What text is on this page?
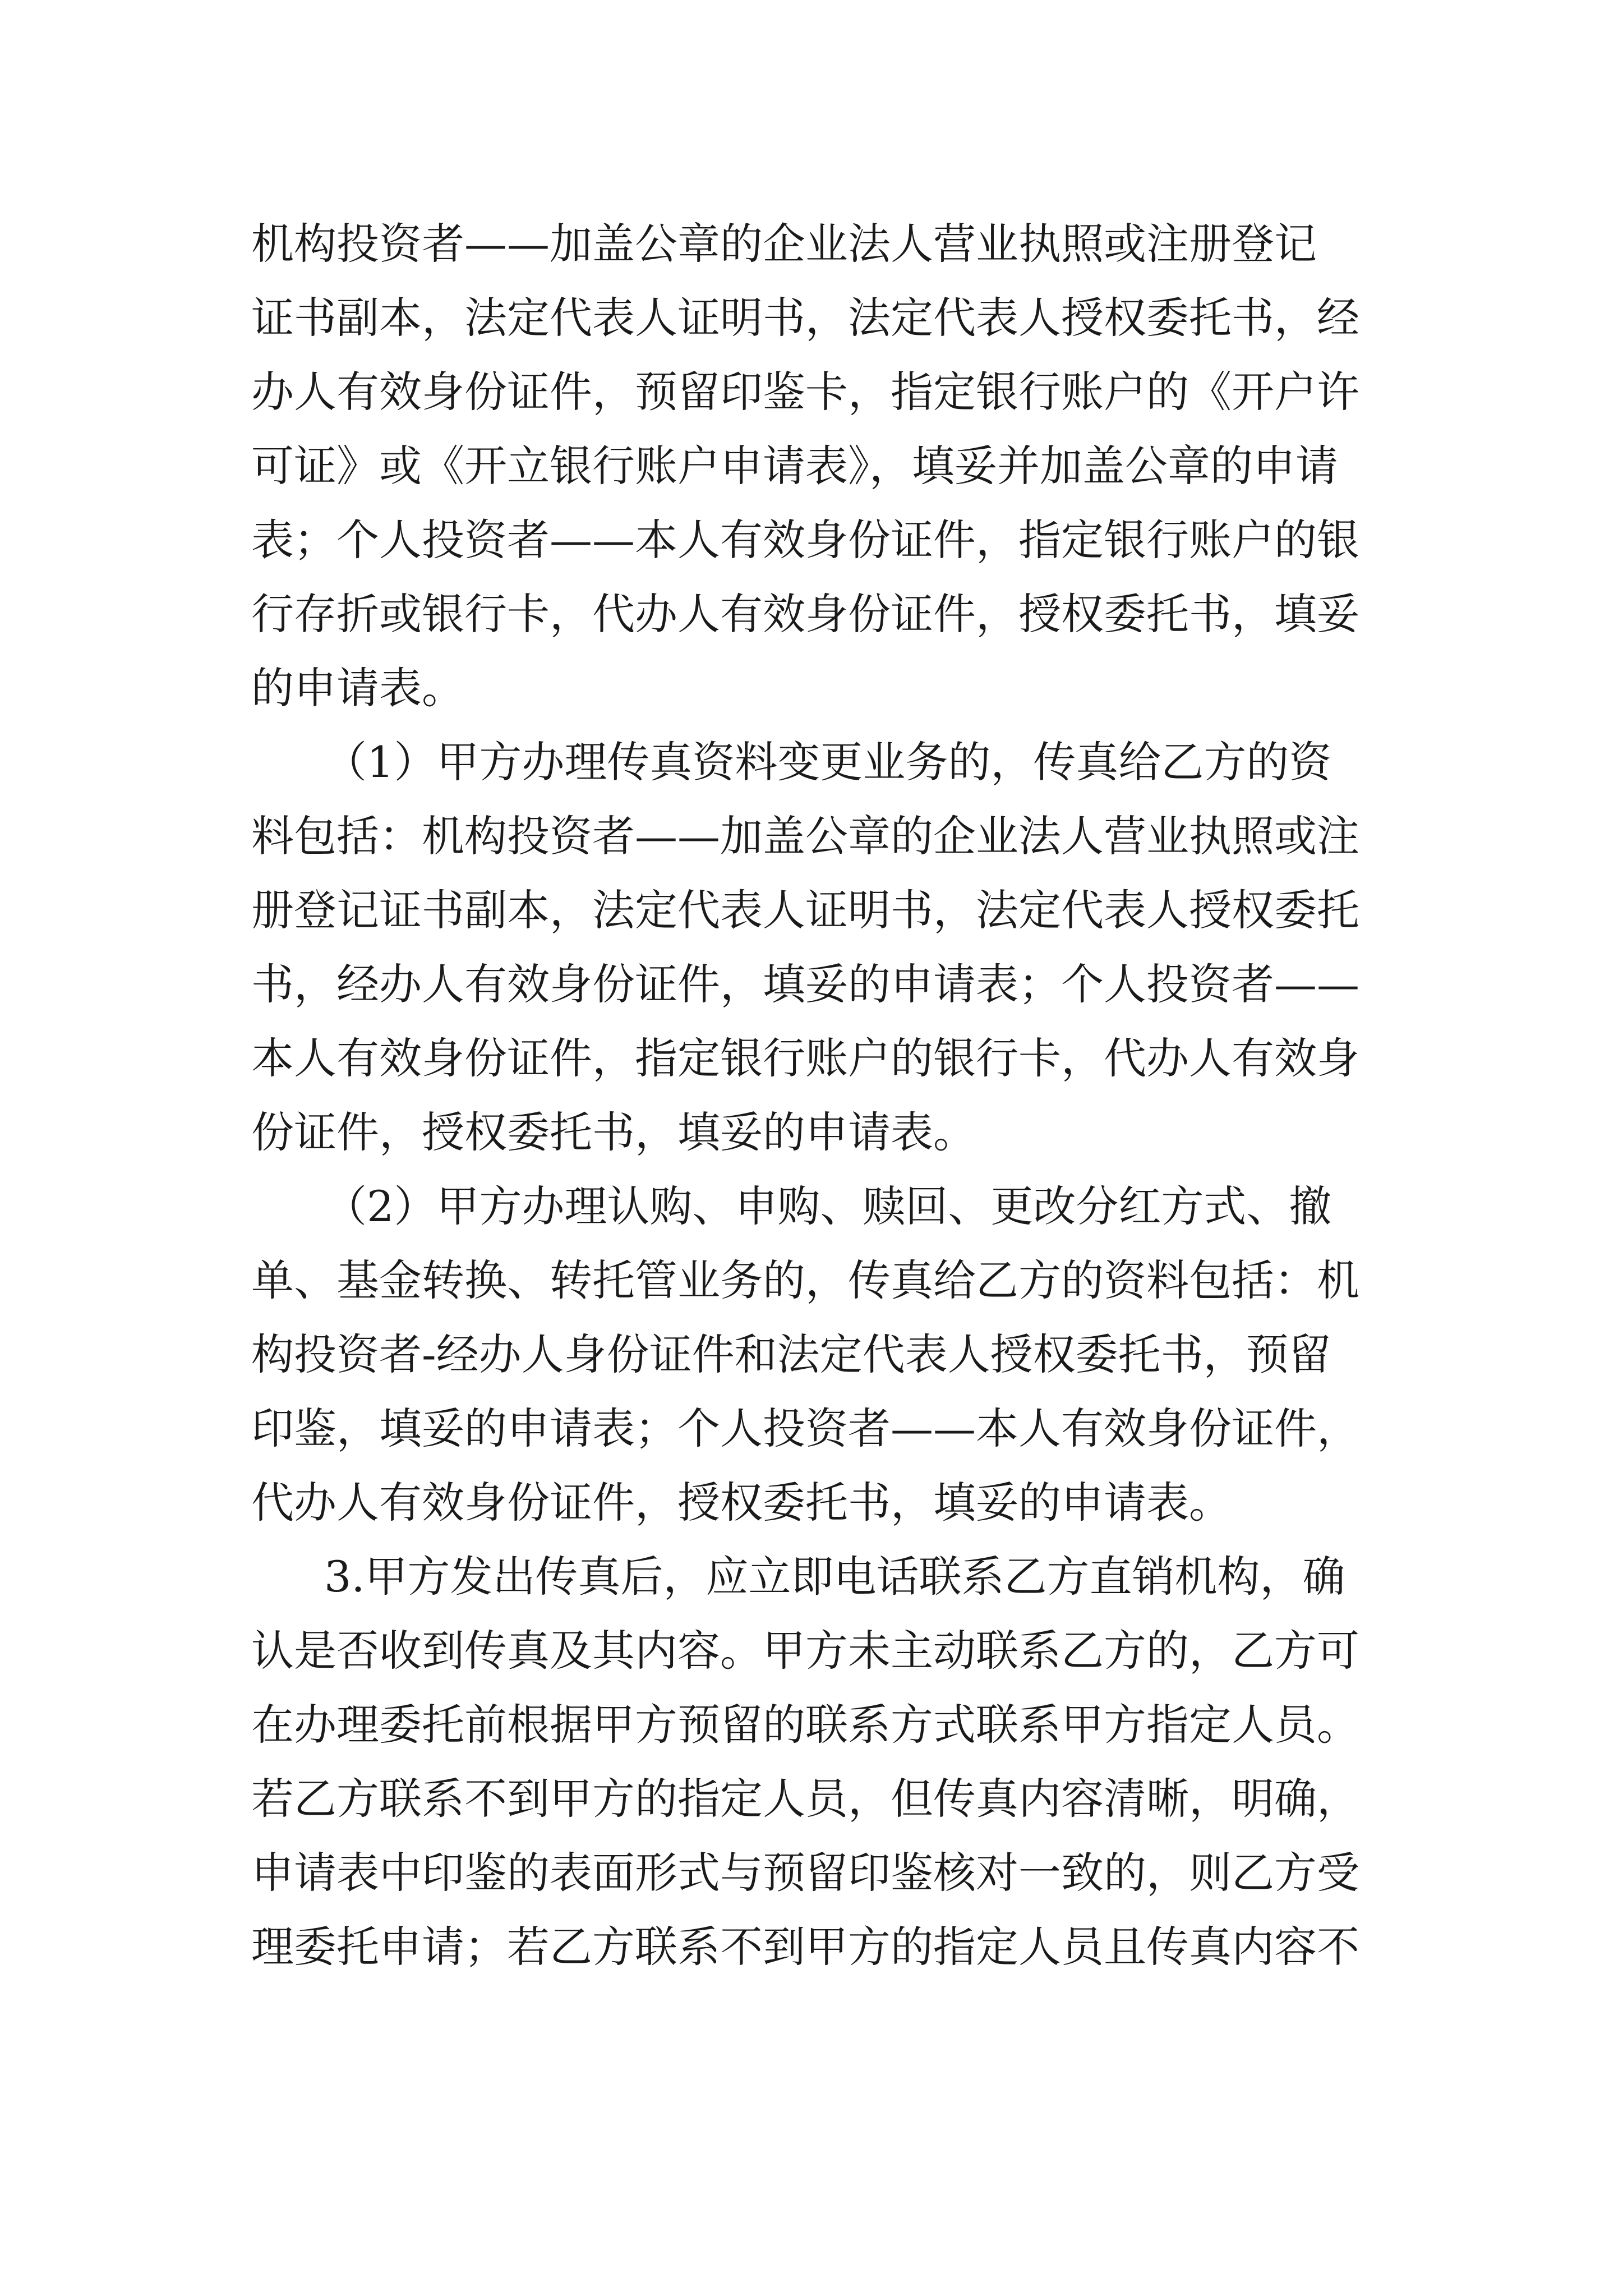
机构投资者——加盖公章的企业法人营业执照或注册登记
证书副本，法定代表人证明书，法定代表人授权委托书，经
办人有效身份证件，预留印鉴卡，指定银行账户的《开户许
可证》或《开立银行账户申请表》，填妥并加盖公章的申请
表；个人投资者——本人有效身份证件，指定银行账户的银
行存折或银行卡，代办人有效身份证件，授权委托书，填妥
的申请表。
（1）甲方办理传真资料变更业务的，传真给乙方的资
料包括：机构投资者——加盖公章的企业法人营业执照或注
册登记证书副本，法定代表人证明书，法定代表人授权委托
书，经办人有效身份证件，填妥的申请表；个人投资者——
本人有效身份证件，指定银行账户的银行卡，代办人有效身
份证件，授权委托书，填妥的申请表。
（2）甲方办理认购、申购、赎回、更改分红方式、撤
单、基金转换、转托管业务的，传真给乙方的资料包括：机
构投资者-经办人身份证件和法定代表人授权委托书，预留
印鉴，填妥的申请表；个人投资者——本人有效身份证件，
代办人有效身份证件，授权委托书，填妥的申请表。
3.甲方发出传真后，应立即电话联系乙方直销机构，确
认是否收到传真及其内容。甲方未主动联系乙方的，乙方可
在办理委托前根据甲方预留的联系方式联系甲方指定人员。
若乙方联系不到甲方的指定人员，但传真内容清晰，明确，
申请表中印鉴的表面形式与预留印鉴核对一致的，则乙方受
理委托申请；若乙方联系不到甲方的指定人员且传真内容不
